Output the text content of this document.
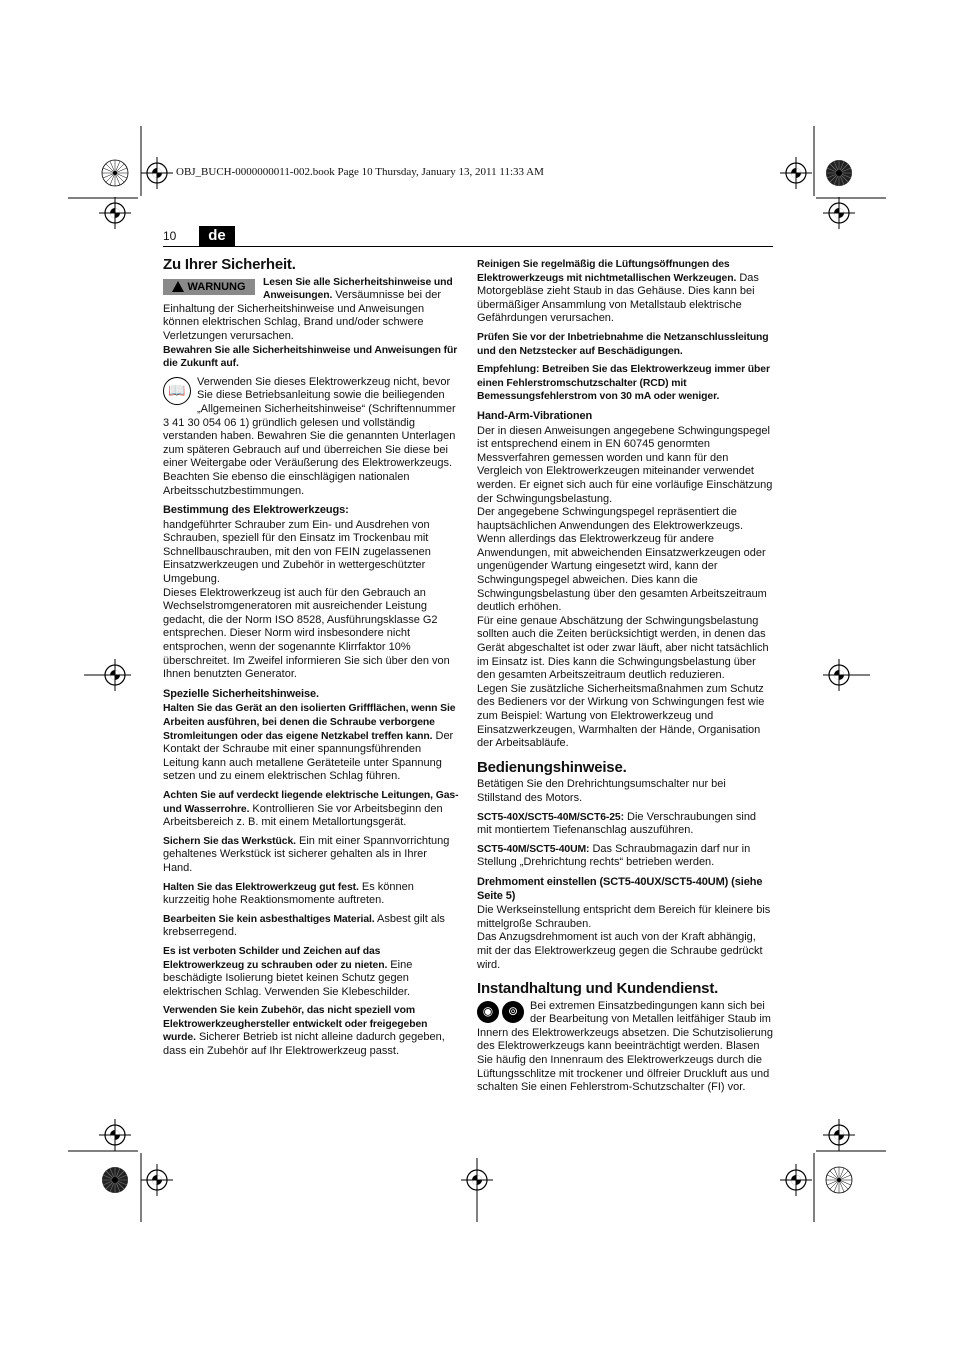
OBJ_BUCH-0000000011-002.book Page 10 Thursday, January 13, 2011 11:33 AM
10	de
Zu Ihrer Sicherheit.

WARNUNG Lesen Sie alle Sicherheitshinweise und Anweisungen. Versäumnisse bei der Einhaltung der Sicherheitshinweise und Anweisungen können elektrischen Schlag, Brand und/oder schwere Verletzungen verursachen.

Bewahren Sie alle Sicherheitshinweise und Anweisungen für die Zukunft auf.

📖
Verwenden Sie dieses Elektrowerkzeug nicht, bevor Sie diese Betriebsanleitung sowie die beiliegenden „Allgemeinen Sicherheitshinweise“ (Schriftennummer 3 41 30 054 06 1) gründlich gelesen und vollständig verstanden haben. Bewahren Sie die genannten Unterlagen zum späteren Gebrauch auf und überreichen Sie diese bei einer Weitergabe oder Veräußerung des Elektrowerkzeugs.

Beachten Sie ebenso die einschlägigen nationalen Arbeitsschutzbestimmungen.

Bestimmung des Elektrowerkzeugs:

handgeführter Schrauber zum Ein- und Ausdrehen von Schrauben, speziell für den Einsatz im Trockenbau mit Schnellbauschrauben, mit den von FEIN zugelassenen Einsatzwerkzeugen und Zubehör in wettergeschützter Umgebung.

Dieses Elektrowerkzeug ist auch für den Gebrauch an Wechselstromgeneratoren mit ausreichender Leistung gedacht, die der Norm ISO 8528, Ausführungsklasse G2 entsprechen. Dieser Norm wird insbesondere nicht entsprochen, wenn der sogenannte Klirrfaktor 10% überschreitet. Im Zweifel informieren Sie sich über den von Ihnen benutzten Generator.

Spezielle Sicherheitshinweise.

Halten Sie das Gerät an den isolierten Griffflächen, wenn Sie Arbeiten ausführen, bei denen die Schraube verborgene Stromleitungen oder das eigene Netzkabel treffen kann. Der Kontakt der Schraube mit einer spannungsführenden Leitung kann auch metallene Geräteteile unter Spannung setzen und zu einem elektrischen Schlag führen.

Achten Sie auf verdeckt liegende elektrische Leitungen, Gas- und Wasserrohre. Kontrollieren Sie vor Arbeitsbeginn den Arbeitsbereich z. B. mit einem Metallortungsgerät.

Sichern Sie das Werkstück. Ein mit einer Spannvorrichtung gehaltenes Werkstück ist sicherer gehalten als in Ihrer Hand.

Halten Sie das Elektrowerkzeug gut fest. Es können kurzzeitig hohe Reaktionsmomente auftreten.

Bearbeiten Sie kein asbesthaltiges Material. Asbest gilt als krebserregend.

Es ist verboten Schilder und Zeichen auf das Elektrowerkzeug zu schrauben oder zu nieten. Eine beschädigte Isolierung bietet keinen Schutz gegen elektrischen Schlag. Verwenden Sie Klebeschilder.

Verwenden Sie kein Zubehör, das nicht speziell vom Elektrowerkzeughersteller entwickelt oder freigegeben wurde. Sicherer Betrieb ist nicht alleine dadurch gegeben, dass ein Zubehör auf Ihr Elektrowerkzeug passt.

Reinigen Sie regelmäßig die Lüftungsöffnungen des Elektrowerkzeugs mit nichtmetallischen Werkzeugen. Das Motorgebläse zieht Staub in das Gehäuse. Dies kann bei übermäßiger Ansammlung von Metallstaub elektrische Gefährdungen verursachen.

Prüfen Sie vor der Inbetriebnahme die Netzanschlussleitung und den Netzstecker auf Beschädigungen.

Empfehlung: Betreiben Sie das Elektrowerkzeug immer über einen Fehlerstromschutzschalter (RCD) mit Bemessungsfehlerstrom von 30 mA oder weniger.

Hand-Arm-Vibrationen

Der in diesen Anweisungen angegebene Schwingungspegel ist entsprechend einem in EN 60745 genormten Messverfahren gemessen worden und kann für den Vergleich von Elektrowerkzeugen miteinander verwendet werden. Er eignet sich auch für eine vorläufige Einschätzung der Schwingungsbelastung.

Der angegebene Schwingungspegel repräsentiert die hauptsächlichen Anwendungen des Elektrowerkzeugs. Wenn allerdings das Elektrowerkzeug für andere Anwendungen, mit abweichenden Einsatzwerkzeugen oder ungenügender Wartung eingesetzt wird, kann der Schwingungspegel abweichen. Dies kann die Schwingungsbelastung über den gesamten Arbeitszeitraum deutlich erhöhen.

Für eine genaue Abschätzung der Schwingungsbelastung sollten auch die Zeiten berücksichtigt werden, in denen das Gerät abgeschaltet ist oder zwar läuft, aber nicht tatsächlich im Einsatz ist. Dies kann die Schwingungsbelastung über den gesamten Arbeitszeitraum deutlich reduzieren.

Legen Sie zusätzliche Sicherheitsmaßnahmen zum Schutz des Bedieners vor der Wirkung von Schwingungen fest wie zum Beispiel: Wartung von Elektrowerkzeug und Einsatzwerkzeugen, Warmhalten der Hände, Organisation der Arbeitsabläufe.

Bedienungshinweise.

Betätigen Sie den Drehrichtungsumschalter nur bei Stillstand des Motors.

SCT5-40X/SCT5-40M/SCT6-25: Die Verschraubungen sind mit montiertem Tiefenanschlag auszuführen.

SCT5-40M/SCT5-40UM: Das Schraubmagazin darf nur in Stellung „Drehrichtung rechts“ betrieben werden.

Drehmoment einstellen (SCT5-40UX/SCT5-40UM) (siehe Seite 5)

Die Werkseinstellung entspricht dem Bereich für kleinere bis mittelgroße Schrauben.

Das Anzugsdrehmoment ist auch von der Kraft abhängig, mit der das Elektrowerkzeug gegen die Schraube gedrückt wird.

Instandhaltung und Kundendienst.

◉	⊚	Bei extremen Einsatzbedingungen kann sich bei der Bearbeitung von Metallen leitfähiger Staub im Innern des Elektrowerkzeugs absetzen. Die Schutzisolierung des Elektrowerkzeugs kann beeinträchtigt werden. Blasen Sie häufig den Innenraum des Elektrowerkzeugs durch die Lüftungsschlitze mit trockener und ölfreier Druckluft aus und schalten Sie einen Fehlerstrom-Schutzschalter (FI) vor.
